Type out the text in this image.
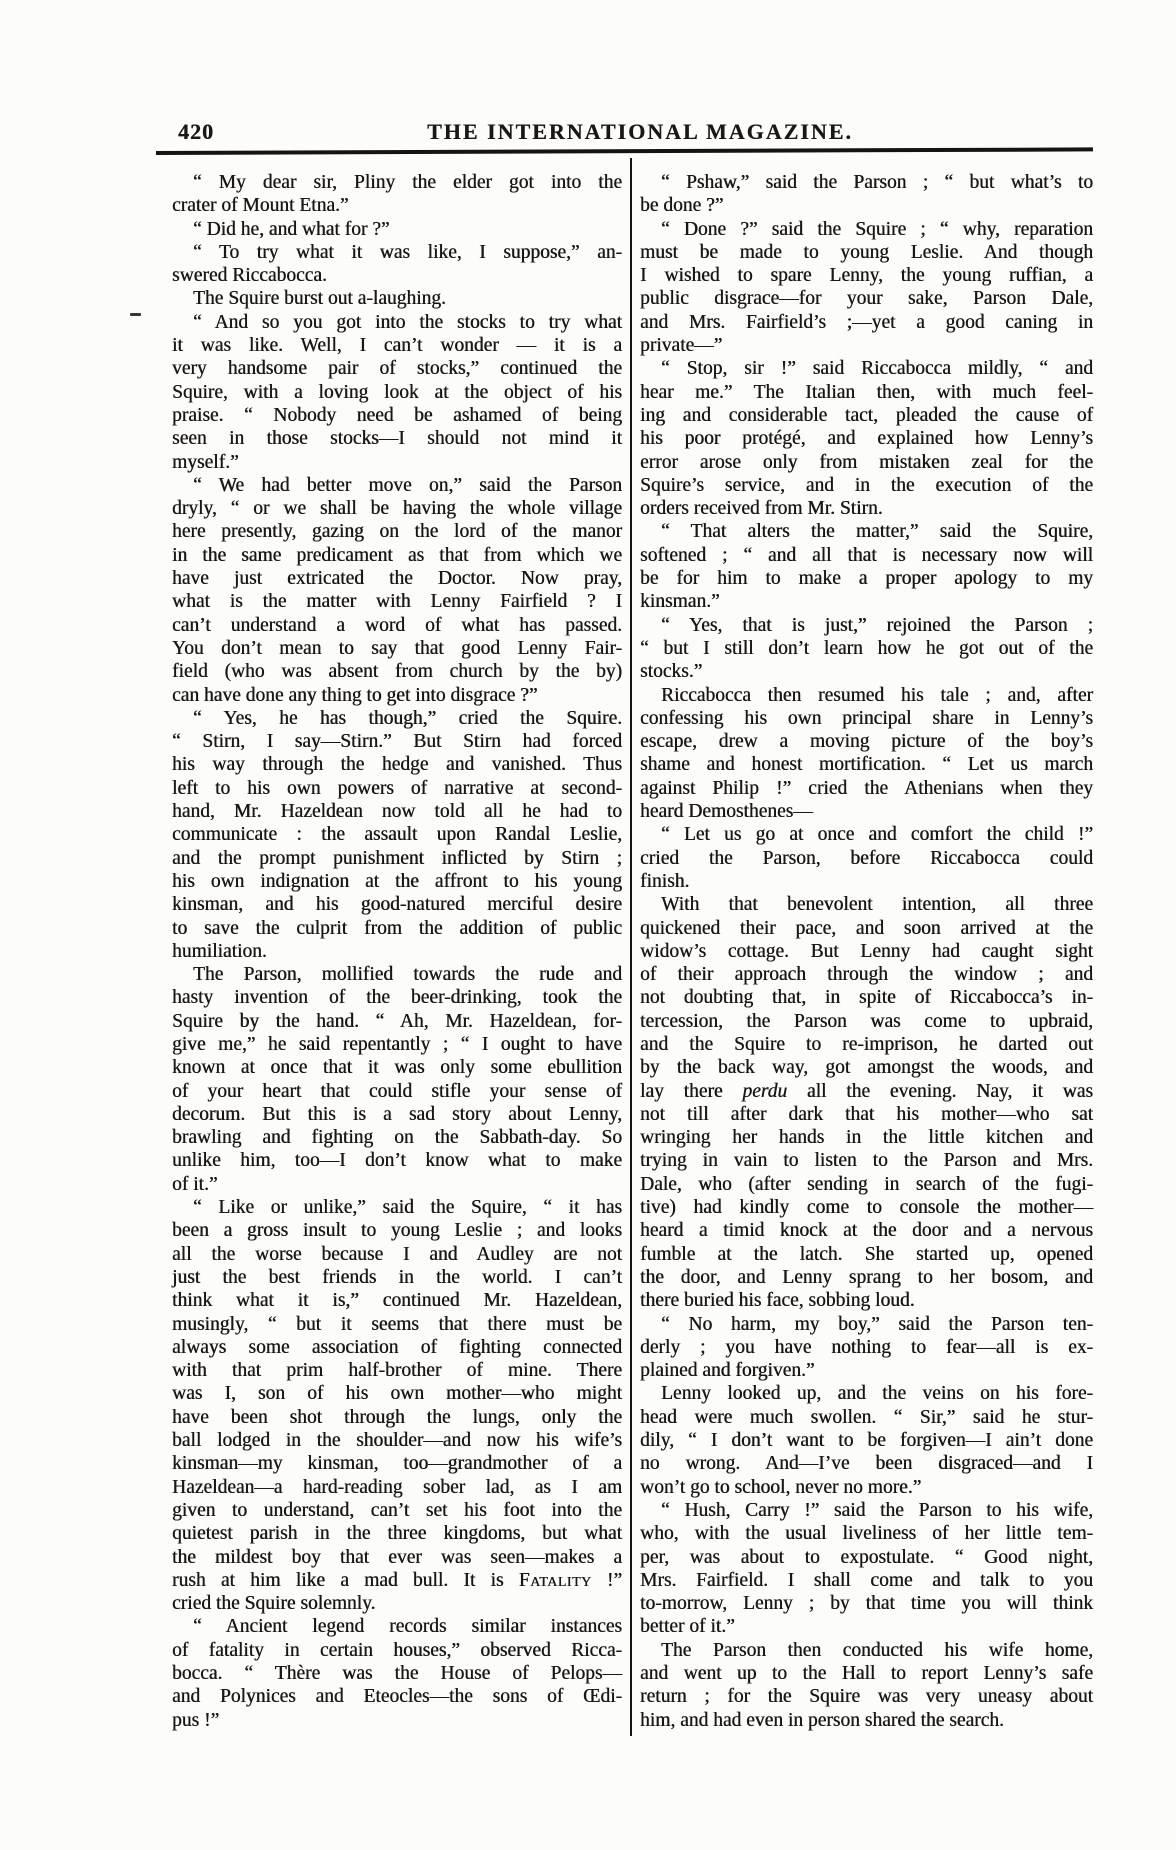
420	THE INTERNATIONAL MAGAZINE.
“ My dear sir, Pliny the elder got into the
crater of Mount Etna.”
“ Did he, and what for ?”
“ To try what it was like, I suppose,” an-
swered Riccabocca.
The Squire burst out a-laughing.
“ And so you got into the stocks to try what
it was like. Well, I can’t wonder — it is a
very handsome pair of stocks,” continued the
Squire, with a loving look at the object of his
praise. “ Nobody need be ashamed of being
seen in those stocks—I should not mind it
myself.”
“ We had better move on,” said the Parson
dryly, “ or we shall be having the whole village
here presently, gazing on the lord of the manor
in the same predicament as that from which we
have just extricated the Doctor. Now pray,
what is the matter with Lenny Fairfield ? I
can’t understand a word of what has passed.
You don’t mean to say that good Lenny Fair-
field (who was absent from church by the by)
can have done any thing to get into disgrace ?”
“ Yes, he has though,” cried the Squire.
“ Stirn, I say—Stirn.” But Stirn had forced
his way through the hedge and vanished. Thus
left to his own powers of narrative at second-
hand, Mr. Hazeldean now told all he had to
communicate : the assault upon Randal Leslie,
and the prompt punishment inflicted by Stirn ;
his own indignation at the affront to his young
kinsman, and his good-natured merciful desire
to save the culprit from the addition of public
humiliation.
The Parson, mollified towards the rude and
hasty invention of the beer-drinking, took the
Squire by the hand. “ Ah, Mr. Hazeldean, for-
give me,” he said repentantly ; “ I ought to have
known at once that it was only some ebullition
of your heart that could stifle your sense of
decorum. But this is a sad story about Lenny,
brawling and fighting on the Sabbath-day. So
unlike him, too—I don’t know what to make
of it.”
“ Like or unlike,” said the Squire, “ it has
been a gross insult to young Leslie ; and looks
all the worse because I and Audley are not
just the best friends in the world. I can’t
think what it is,” continued Mr. Hazeldean,
musingly, “ but it seems that there must be
always some association of fighting connected
with that prim half-brother of mine. There
was I, son of his own mother—who might
have been shot through the lungs, only the
ball lodged in the shoulder—and now his wife’s
kinsman—my kinsman, too—grandmother of a
Hazeldean—a hard-reading sober lad, as I am
given to understand, can’t set his foot into the
quietest parish in the three kingdoms, but what
the mildest boy that ever was seen—makes a
rush at him like a mad bull. It is Fatality !”
cried the Squire solemnly.
“ Ancient legend records similar instances
of fatality in certain houses,” observed Ricca-
bocca. “ Thère was the House of Pelops—
and Polynices and Eteocles—the sons of Œdi-
pus !”
“ Pshaw,” said the Parson ; “ but what’s to
be done ?”
“ Done ?” said the Squire ; “ why, reparation
must be made to young Leslie. And though
I wished to spare Lenny, the young ruffian, a
public disgrace—for your sake, Parson Dale,
and Mrs. Fairfield’s ;—yet a good caning in
private—”
“ Stop, sir !” said Riccabocca mildly, “ and
hear me.” The Italian then, with much feel-
ing and considerable tact, pleaded the cause of
his poor protégé, and explained how Lenny’s
error arose only from mistaken zeal for the
Squire’s service, and in the execution of the
orders received from Mr. Stirn.
“ That alters the matter,” said the Squire,
softened ; “ and all that is necessary now will
be for him to make a proper apology to my
kinsman.”
“ Yes, that is just,” rejoined the Parson ;
“ but I still don’t learn how he got out of the
stocks.”
Riccabocca then resumed his tale ; and, after
confessing his own principal share in Lenny’s
escape, drew a moving picture of the boy’s
shame and honest mortification. “ Let us march
against Philip !” cried the Athenians when they
heard Demosthenes—
“ Let us go at once and comfort the child !”
cried the Parson, before Riccabocca could
finish.
With that benevolent intention, all three
quickened their pace, and soon arrived at the
widow’s cottage. But Lenny had caught sight
of their approach through the window ; and
not doubting that, in spite of Riccabocca’s in-
tercession, the Parson was come to upbraid,
and the Squire to re-imprison, he darted out
by the back way, got amongst the woods, and
lay there perdu all the evening. Nay, it was
not till after dark that his mother—who sat
wringing her hands in the little kitchen and
trying in vain to listen to the Parson and Mrs.
Dale, who (after sending in search of the fugi-
tive) had kindly come to console the mother—
heard a timid knock at the door and a nervous
fumble at the latch. She started up, opened
the door, and Lenny sprang to her bosom, and
there buried his face, sobbing loud.
“ No harm, my boy,” said the Parson ten-
derly ; you have nothing to fear—all is ex-
plained and forgiven.”
Lenny looked up, and the veins on his fore-
head were much swollen. “ Sir,” said he stur-
dily, “ I don’t want to be forgiven—I ain’t done
no wrong. And—I’ve been disgraced—and I
won’t go to school, never no more.”
“ Hush, Carry !” said the Parson to his wife,
who, with the usual liveliness of her little tem-
per, was about to expostulate. “ Good night,
Mrs. Fairfield. I shall come and talk to you
to-morrow, Lenny ; by that time you will think
better of it.”
The Parson then conducted his wife home,
and went up to the Hall to report Lenny’s safe
return ; for the Squire was very uneasy about
him, and had even in person shared the search.
